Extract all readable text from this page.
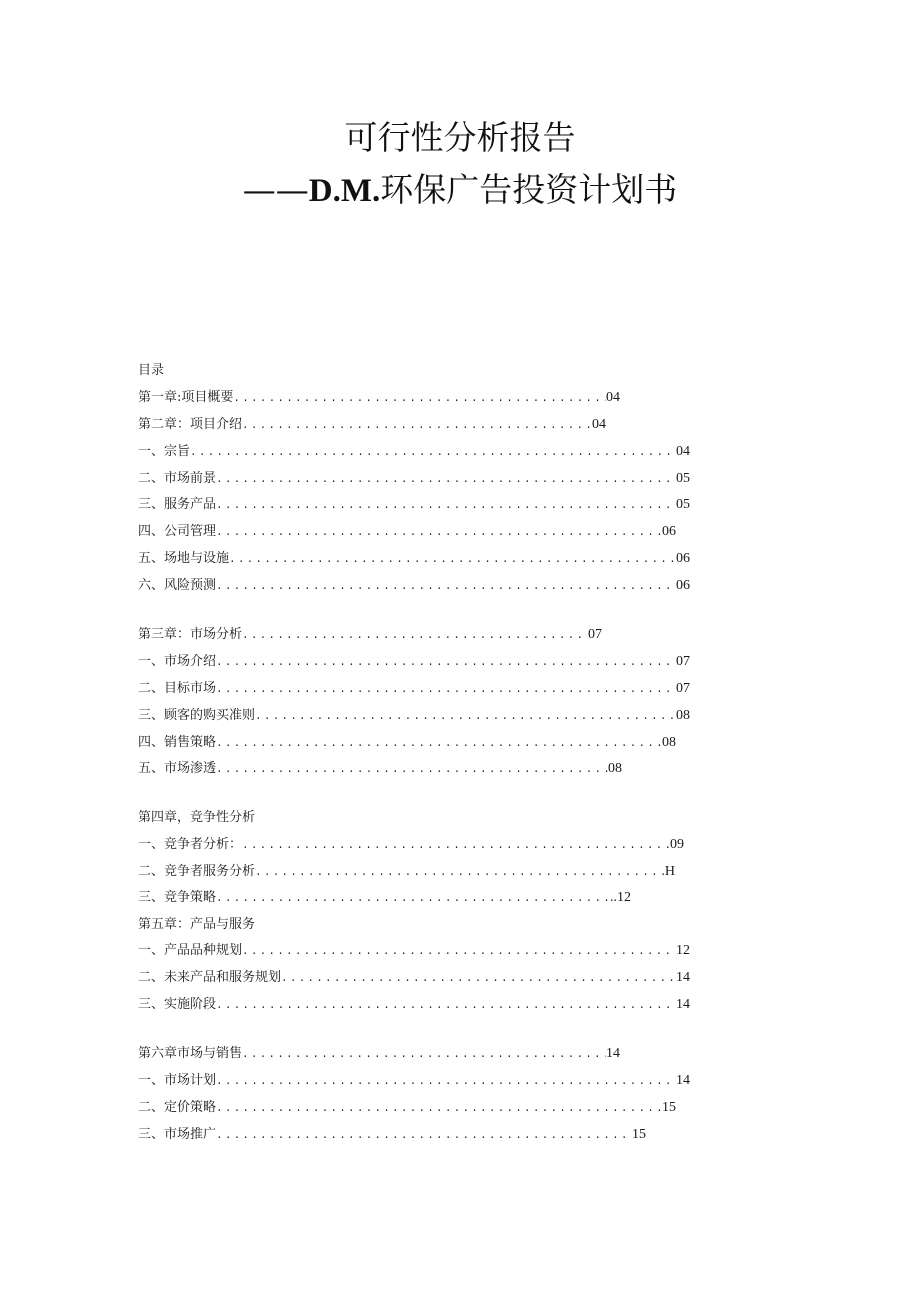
可行性分析报告
——D.M.环保广告投资计划书
目录
第一章:项目概要 .....	04
第二章：项目介绍 .....	04
一、宗旨 .....	04
二、市场前景 .....	05
三、服务产品 .....	05
四、公司管理 .....	06
五、场地与设施 .....	06
六、风险预测 .....	06
第三章：市场分析 .....	07
一、市场介绍 .....	07
二、目标市场 .....	07
三、顾客的购买准则 .....	08
四、销售策略 .....	08
五、市场渗透 .....	08
第四章，竞争性分析
一、竞争者分析： .....	09
二、竞争者服务分析 .....	H
三、竞争策略 .....	..12
第五章：产品与服务
一、产品品种规划 .....	12
二、未来产品和服务规划 .....	14
三、实施阶段 .....	14
第六章市场与销售 .....	14
一、市场计划 .....	14
二、定价策略 .....	15
三、市场推广 .....	15
